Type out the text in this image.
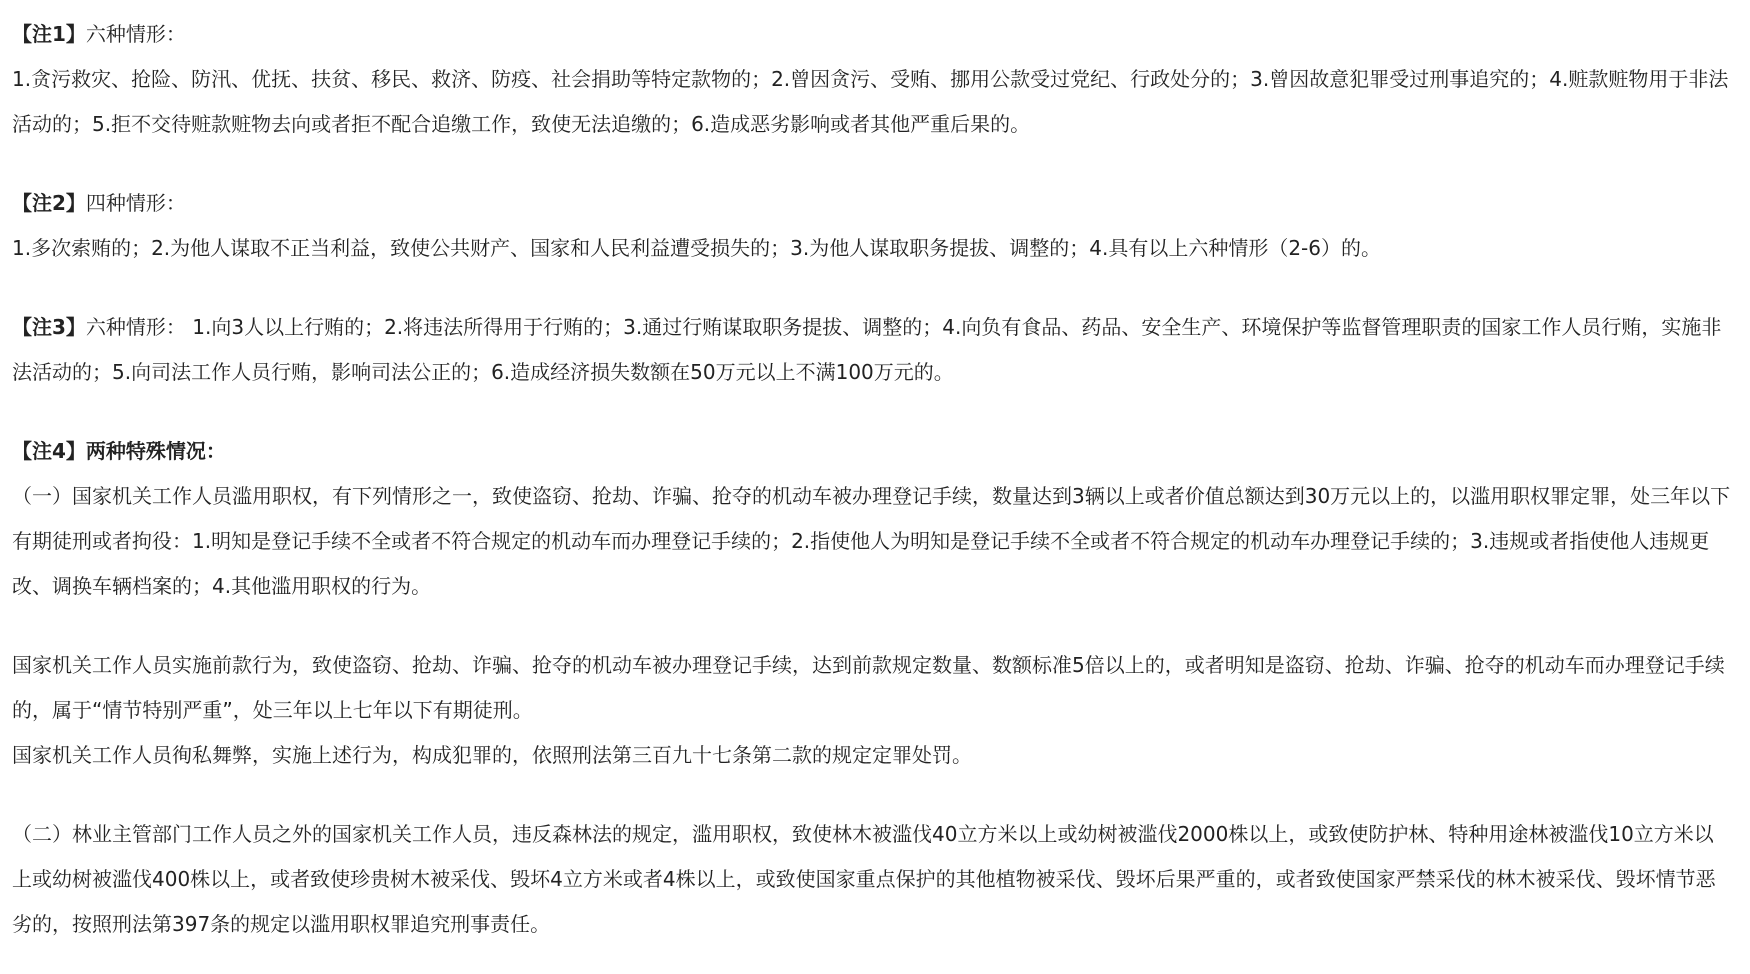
【注1】六种情形：

1.贪污救灾、抢险、防汛、优抚、扶贫、移民、救济、防疫、社会捐助等特定款物的；2.曾因贪污、受贿、挪用公款受过党纪、行政处分的；3.曾因故意犯罪受过刑事追究的；4.赃款赃物用于非法活动的；5.拒不交待赃款赃物去向或者拒不配合追缴工作，致使无法追缴的；6.造成恶劣影响或者其他严重后果的。

【注2】四种情形：

1.多次索贿的；2.为他人谋取不正当利益，致使公共财产、国家和人民利益遭受损失的；3.为他人谋取职务提拔、调整的；4.具有以上六种情形（2-6）的。

【注3】六种情形： 1.向3人以上行贿的；2.将违法所得用于行贿的；3.通过行贿谋取职务提拔、调整的；4.向负有食品、药品、安全生产、环境保护等监督管理职责的国家工作人员行贿，实施非法活动的；5.向司法工作人员行贿，影响司法公正的；6.造成经济损失数额在50万元以上不满100万元的。

【注4】两种特殊情况：

（一）国家机关工作人员滥用职权，有下列情形之一，致使盗窃、抢劫、诈骗、抢夺的机动车被办理登记手续，数量达到3辆以上或者价值总额达到30万元以上的，以滥用职权罪定罪，处三年以下有期徒刑或者拘役：1.明知是登记手续不全或者不符合规定的机动车而办理登记手续的；2.指使他人为明知是登记手续不全或者不符合规定的机动车办理登记手续的；3.违规或者指使他人违规更改、调换车辆档案的；4.其他滥用职权的行为。

国家机关工作人员实施前款行为，致使盗窃、抢劫、诈骗、抢夺的机动车被办理登记手续，达到前款规定数量、数额标准5倍以上的，或者明知是盗窃、抢劫、诈骗、抢夺的机动车而办理登记手续的，属于“情节特别严重”，处三年以上七年以下有期徒刑。

国家机关工作人员徇私舞弊，实施上述行为，构成犯罪的，依照刑法第三百九十七条第二款的规定定罪处罚。

（二）林业主管部门工作人员之外的国家机关工作人员，违反森林法的规定，滥用职权，致使林木被滥伐40立方米以上或幼树被滥伐2000株以上，或致使防护林、特种用途林被滥伐10立方米以上或幼树被滥伐400株以上，或者致使珍贵树木被采伐、毁坏4立方米或者4株以上，或致使国家重点保护的其他植物被采伐、毁坏后果严重的，或者致使国家严禁采伐的林木被采伐、毁坏情节恶劣的，按照刑法第397条的规定以滥用职权罪追究刑事责任。
